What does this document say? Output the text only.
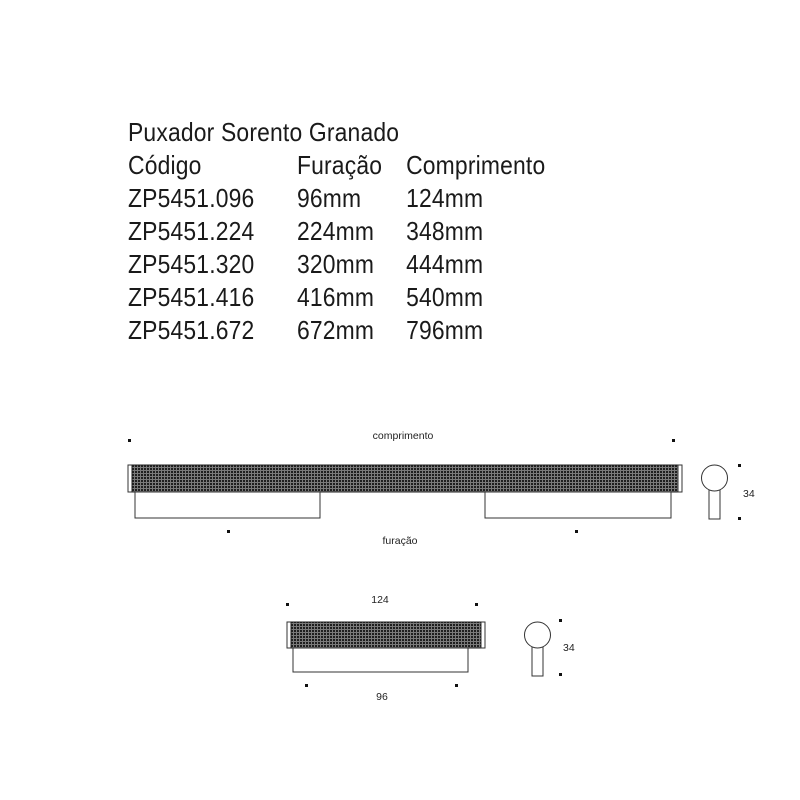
Puxador Sorento Granado
Código	Furação Comprimento
ZP5451.096 96mm 124mm
ZP5451.224 224mm 348mm
ZP5451.320 320mm 444mm
ZP5451.416 416mm 540mm
ZP5451.672 672mm 796mm
comprimento
furação
34
124
96
34
